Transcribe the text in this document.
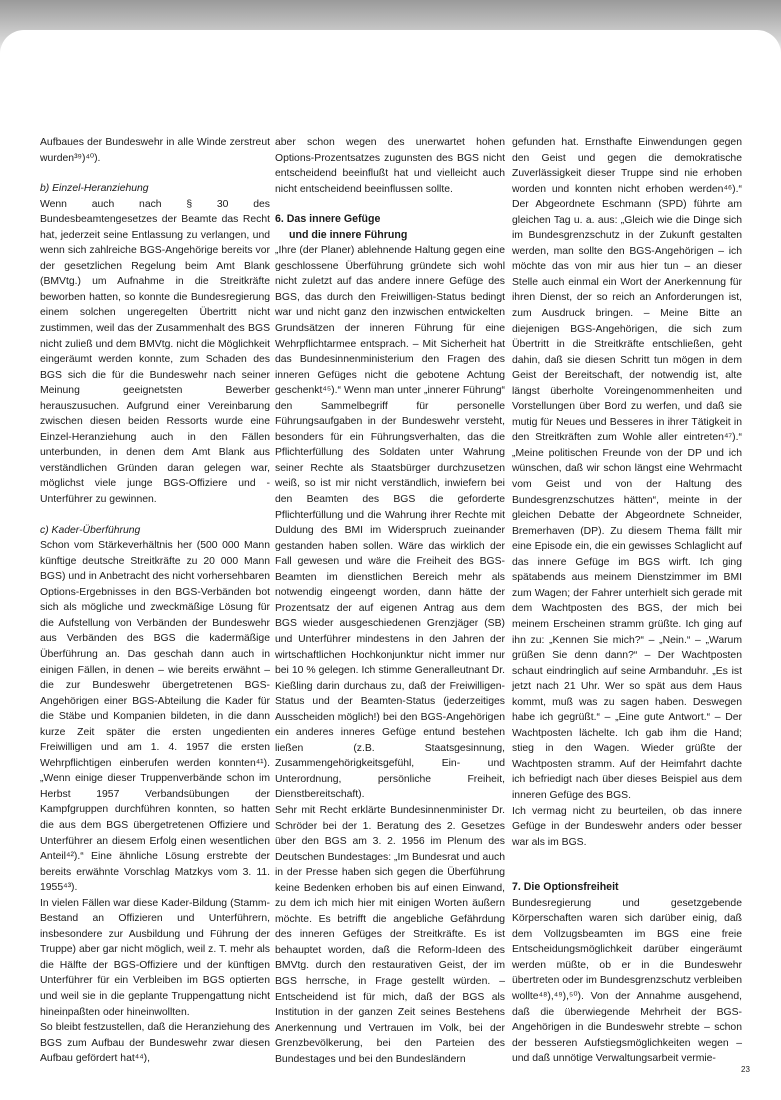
Aufbaues der Bundeswehr in alle Winde zerstreut wurden³⁹)⁴⁰).

b) Einzel-Heranziehung

Wenn auch nach § 30 des Bundesbeamtengesetzes der Beamte das Recht hat, jederzeit seine Entlassung zu verlangen, und wenn sich zahlreiche BGS-Angehörige bereits vor der gesetzlichen Regelung beim Amt Blank (BMVtg.) um Aufnahme in die Streitkräfte beworben hatten, so konnte die Bundesregierung einem solchen ungeregelten Übertritt nicht zustimmen, weil das der Zusammenhalt des BGS nicht zuließ und dem BMVtg. nicht die Möglichkeit eingeräumt werden konnte, zum Schaden des BGS sich die für die Bundeswehr nach seiner Meinung geeignetsten Bewerber herauszusuchen. Aufgrund einer Vereinbarung zwischen diesen beiden Ressorts wurde eine Einzel-Heranziehung auch in den Fällen unterbunden, in denen dem Amt Blank aus verständlichen Gründen daran gelegen war, möglichst viele junge BGS-Offiziere und -Unterführer zu gewinnen.

c) Kader-Überführung

Schon vom Stärkeverhältnis her (500 000 Mann künftige deutsche Streitkräfte zu 20 000 Mann BGS) und in Anbetracht des nicht vorhersehbaren Options-Ergebnisses in den BGS-Verbänden bot sich als mögliche und zweckmäßige Lösung für die Aufstellung von Verbänden der Bundeswehr aus Verbänden des BGS die kadermäßige Überführung an. Das geschah dann auch in einigen Fällen, in denen – wie bereits erwähnt – die zur Bundeswehr übergetretenen BGS-Angehörigen einer BGS-Abteilung die Kader für die Stäbe und Kompanien bildeten, in die dann kurze Zeit später die ersten ungedienten Freiwilligen und am 1. 4. 1957 die ersten Wehrpflichtigen einberufen werden konnten⁴¹). „Wenn einige dieser Truppenverbände schon im Herbst 1957 Verbandsübungen der Kampfgruppen durchführen konnten, so hatten die aus dem BGS übergetretenen Offiziere und Unterführer an diesem Erfolg einen wesentlichen Anteil⁴²).“ Eine ähnliche Lösung erstrebte der bereits erwähnte Vorschlag Matzkys vom 3. 11. 1955⁴³).

In vielen Fällen war diese Kader-Bildung (Stamm-Bestand an Offizieren und Unterführern, insbesondere zur Ausbildung und Führung der Truppe) aber gar nicht möglich, weil z. T. mehr als die Hälfte der BGS-Offiziere und der künftigen Unterführer für ein Verbleiben im BGS optierten und weil sie in die geplante Truppengattung nicht hineinpaßten oder hineinwollten.

So bleibt festzustellen, daß die Heranziehung des BGS zum Aufbau der Bundeswehr zwar diesen Aufbau gefördert hat⁴⁴),

aber schon wegen des unerwartet hohen Options-Prozentsatzes zugunsten des BGS nicht entscheidend beeinflußt hat und vielleicht auch nicht entscheidend beeinflussen sollte.

6. Das innere Gefüge
und die innere Führung

„Ihre (der Planer) ablehnende Haltung gegen eine geschlossene Überführung gründete sich wohl nicht zuletzt auf das andere innere Gefüge des BGS, das durch den Freiwilligen-Status bedingt war und nicht ganz den inzwischen entwickelten Grundsätzen der inneren Führung für eine Wehrpflichtarmee entsprach. – Mit Sicherheit hat das Bundesinnenministerium den Fragen des inneren Gefüges nicht die gebotene Achtung geschenkt⁴⁵).“ Wenn man unter „innerer Führung“ den Sammelbegriff für personelle Führungsaufgaben in der Bundeswehr versteht, besonders für ein Führungsverhalten, das die Pflichterfüllung des Soldaten unter Wahrung seiner Rechte als Staatsbürger durchzusetzen weiß, so ist mir nicht verständlich, inwiefern bei den Beamten des BGS die geforderte Pflichterfüllung und die Wahrung ihrer Rechte mit Duldung des BMI im Widerspruch zueinander gestanden haben sollen. Wäre das wirklich der Fall gewesen und wäre die Freiheit des BGS-Beamten im dienstlichen Bereich mehr als notwendig eingeengt worden, dann hätte der Prozentsatz der auf eigenen Antrag aus dem BGS wieder ausgeschiedenen Grenzjäger (SB) und Unterführer mindestens in den Jahren der wirtschaftlichen Hochkonjunktur nicht immer nur bei 10 % gelegen. Ich stimme Generalleutnant Dr. Kießling darin durchaus zu, daß der Freiwilligen-Status und der Beamten-Status (jederzeitiges Ausscheiden möglich!) bei den BGS-Angehörigen ein anderes inneres Gefüge entund bestehen ließen (z.B. Staatsgesinnung, Zusammengehörigkeitsgefühl, Ein- und Unterordnung, persönliche Freiheit, Dienstbereitschaft).

Sehr mit Recht erklärte Bundesinnenminister Dr. Schröder bei der 1. Beratung des 2. Gesetzes über den BGS am 3. 2. 1956 im Plenum des Deutschen Bundestages: „Im Bundesrat und auch in der Presse haben sich gegen die Überführung keine Bedenken erhoben bis auf einen Einwand, zu dem ich mich hier mit einigen Worten äußern möchte. Es betrifft die angebliche Gefährdung des inneren Gefüges der Streitkräfte. Es ist behauptet worden, daß die Reform-Ideen des BMVtg. durch den restaurativen Geist, der im BGS herrsche, in Frage gestellt würden. – Entscheidend ist für mich, daß der BGS als Institution in der ganzen Zeit seines Bestehens Anerkennung und Vertrauen im Volk, bei der Grenzbevölkerung, bei den Parteien des Bundestages und bei den Bundesländern

gefunden hat. Ernsthafte Einwendungen gegen den Geist und gegen die demokratische Zuverlässigkeit dieser Truppe sind nie erhoben worden und konnten nicht erhoben werden⁴⁶).“ Der Abgeordnete Eschmann (SPD) führte am gleichen Tag u. a. aus: „Gleich wie die Dinge sich im Bundesgrenzschutz in der Zukunft gestalten werden, man sollte den BGS-Angehörigen – ich möchte das von mir aus hier tun – an dieser Stelle auch einmal ein Wort der Anerkennung für ihren Dienst, der so reich an Anforderungen ist, zum Ausdruck bringen. – Meine Bitte an diejenigen BGS-Angehörigen, die sich zum Übertritt in die Streitkräfte entschließen, geht dahin, daß sie diesen Schritt tun mögen in dem Geist der Bereitschaft, der notwendig ist, alte längst überholte Voreingenommenheiten und Vorstellungen über Bord zu werfen, und daß sie mutig für Neues und Besseres in ihrer Tätigkeit in den Streitkräften zum Wohle aller eintreten⁴⁷).“ „Meine politischen Freunde von der DP und ich wünschen, daß wir schon längst eine Wehrmacht vom Geist und von der Haltung des Bundesgrenzschutzes hätten“, meinte in der gleichen Debatte der Abgeordnete Schneider, Bremerhaven (DP). Zu diesem Thema fällt mir eine Episode ein, die ein gewisses Schlaglicht auf das innere Gefüge im BGS wirft. Ich ging spätabends aus meinem Dienstzimmer im BMI zum Wagen; der Fahrer unterhielt sich gerade mit dem Wachtposten des BGS, der mich bei meinem Erscheinen stramm grüßte. Ich ging auf ihn zu: „Kennen Sie mich?“ – „Nein.“ – „Warum grüßen Sie denn dann?“ – Der Wachtposten schaut eindringlich auf seine Armbanduhr. „Es ist jetzt nach 21 Uhr. Wer so spät aus dem Haus kommt, muß was zu sagen haben. Deswegen habe ich gegrüßt.“ – „Eine gute Antwort.“ – Der Wachtposten lächelte. Ich gab ihm die Hand; stieg in den Wagen. Wieder grüßte der Wachtposten stramm. Auf der Heimfahrt dachte ich befriedigt nach über dieses Beispiel aus dem inneren Gefüge des BGS.

Ich vermag nicht zu beurteilen, ob das innere Gefüge in der Bundeswehr anders oder besser war als im BGS.

7. Die Optionsfreiheit

Bundesregierung und gesetzgebende Körperschaften waren sich darüber einig, daß dem Vollzugsbeamten im BGS eine freie Entscheidungsmöglichkeit darüber eingeräumt werden müßte, ob er in die Bundeswehr übertreten oder im Bundesgrenzschutz verbleiben wollte⁴⁸),⁴⁹),⁵⁰). Von der Annahme ausgehend, daß die überwiegende Mehrheit der BGS-Angehörigen in die Bundeswehr strebte – schon der besseren Aufstiegsmöglichkeiten wegen – und daß unnötige Verwaltungsarbeit vermie-

23
